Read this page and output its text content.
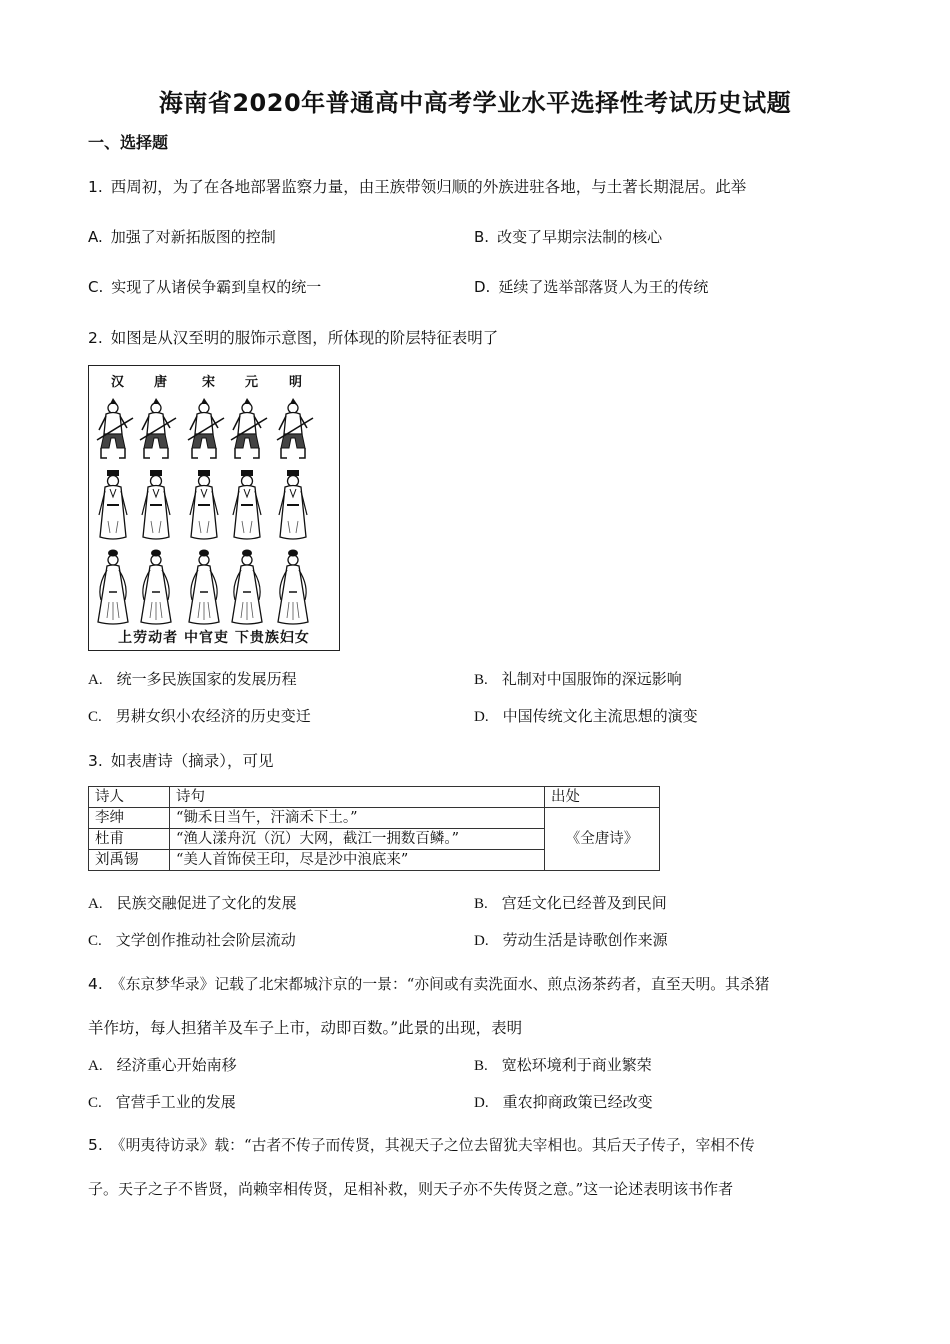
海南省2020年普通高中高考学业水平选择性考试历史试题
一、选择题
1. 西周初，为了在各地部署监察力量，由王族带领归顺的外族进驻各地，与土著长期混居。此举
A. 加强了对新拓版图的控制	B. 改变了早期宗法制的核心
C. 实现了从诸侯争霸到皇权的统一	D. 延续了选举部落贤人为王的传统
2. 如图是从汉至明的服饰示意图，所体现的阶层特征表明了
汉 唐	宋 元 明
上劳动者 中官吏 下贵族妇女
A. 统一多民族国家的发展历程	B. 礼制对中国服饰的深远影响
C. 男耕女织小农经济的历史变迁	D. 中国传统文化主流思想的演变
3. 如表唐诗（摘录），可见
诗人	诗句	出处
李绅	“锄禾日当午，汗滴禾下土。”	《全唐诗》
杜甫	“渔人漾舟沉（沉）大网，截江一拥数百鳞。”	
刘禹锡	“美人首饰侯王印，尽是沙中浪底来”	
A. 民族交融促进了文化的发展	B. 宫廷文化已经普及到民间
C. 文学创作推动社会阶层流动	D. 劳动生活是诗歌创作来源
4. 《东京梦华录》记载了北宋都城汴京的一景：“亦间或有卖洗面水、煎点汤茶药者，直至天明。其杀猪
羊作坊，每人担猪羊及车子上市，动即百数。”此景的出现，表明
A. 经济重心开始南移	B. 宽松环境利于商业繁荣
C. 官营手工业的发展	D. 重农抑商政策已经改变
5. 《明夷待访录》载：“古者不传子而传贤，其视天子之位去留犹夫宰相也。其后天子传子，宰相不传
子。天子之子不皆贤，尚赖宰相传贤，足相补救，则天子亦不失传贤之意。”这一论述表明该书作者
